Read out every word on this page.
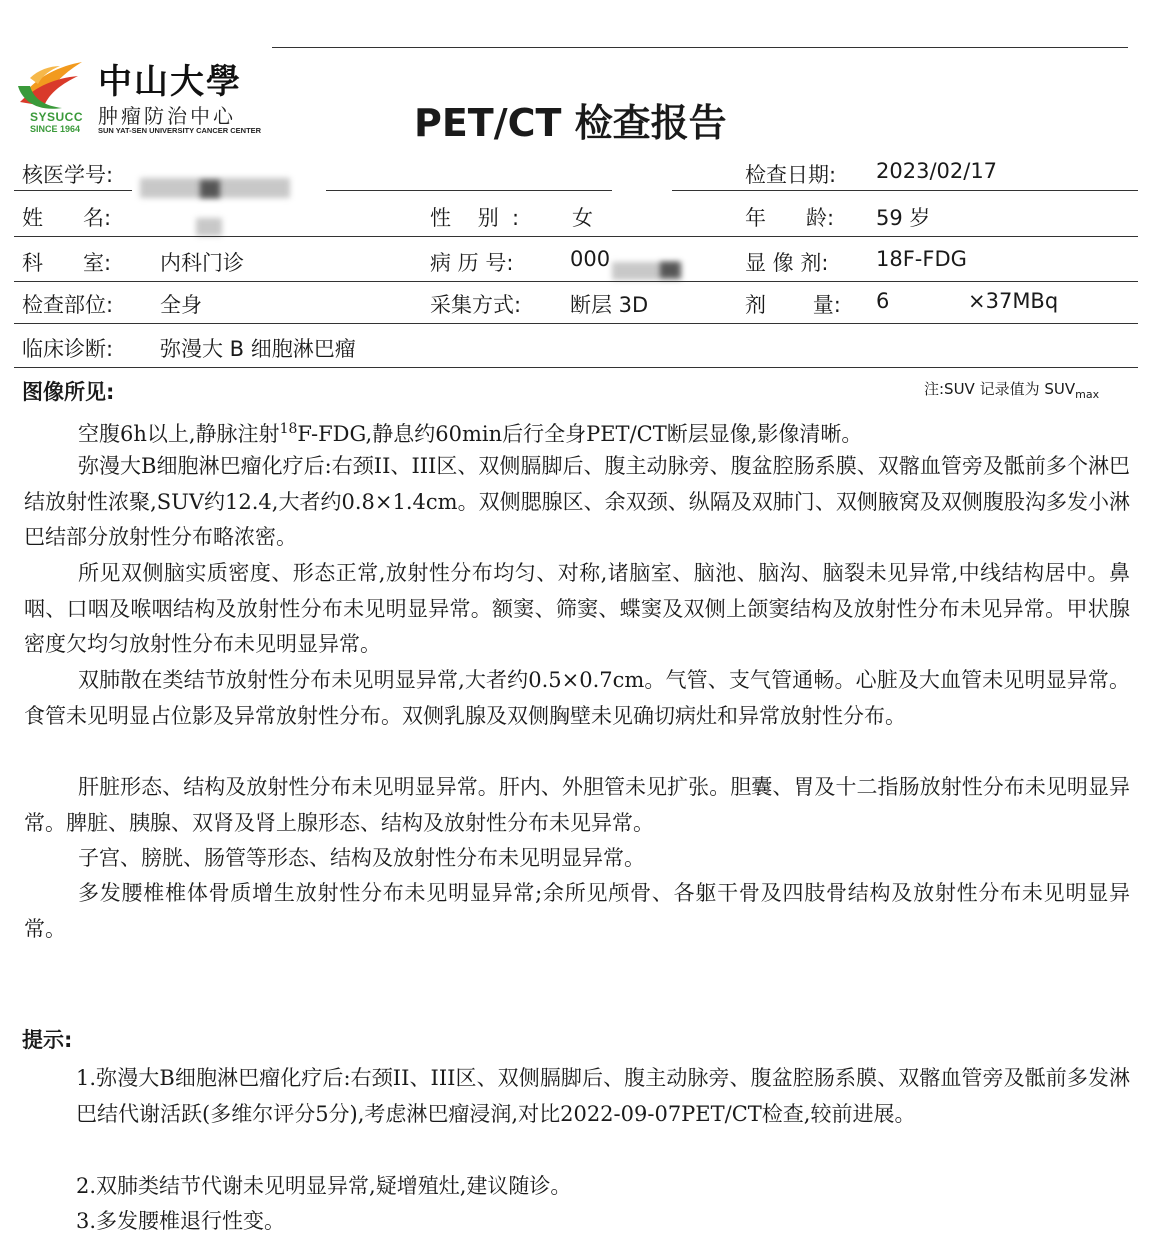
SYSUCC
SINCE 1964
中山大學
肿瘤防治中心
SUN YAT-SEN UNIVERSITY CANCER CENTER	PET/CT 检查报告
核医学号:	检查日期: 2023/02/17
姓      名:	性    别  :	女	年      龄: 59 岁
科      室: 内科门诊	病 历 号:	000	显 像 剂: 18F-FDG
检查部位: 全身	采集方式: 断层 3D	剂       量: 6	×37MBq
临床诊断: 弥漫大 B 细胞淋巴瘤
图像所见:	注:SUV 记录值为 $SUV_{max}$
空腹6h以上,静脉注射$^{18}$F-FDG,静息约60min后行全身PET/CT断层显像,影像清晰。
弥漫大B细胞淋巴瘤化疗后:右颈II、III区、双侧膈脚后、腹主动脉旁、腹盆腔肠系膜、双髂血管旁及骶前多个淋巴结放射性浓聚,SUV约12.4,大者约0.8×1.4cm。双侧腮腺区、余双颈、纵隔及双肺门、双侧腋窝及双侧腹股沟多发小淋巴结部分放射性分布略浓密。
所见双侧脑实质密度、形态正常,放射性分布均匀、对称,诸脑室、脑池、脑沟、脑裂未见异常,中线结构居中。鼻咽、口咽及喉咽结构及放射性分布未见明显异常。额窦、筛窦、蝶窦及双侧上颌窦结构及放射性分布未见异常。甲状腺密度欠均匀放射性分布未见明显异常。
双肺散在类结节放射性分布未见明显异常,大者约0.5×0.7cm。气管、支气管通畅。心脏及大血管未见明显异常。食管未见明显占位影及异常放射性分布。双侧乳腺及双侧胸壁未见确切病灶和异常放射性分布。
肝脏形态、结构及放射性分布未见明显异常。肝内、外胆管未见扩张。胆囊、胃及十二指肠放射性分布未见明显异常。脾脏、胰腺、双肾及肾上腺形态、结构及放射性分布未见异常。
子宫、膀胱、肠管等形态、结构及放射性分布未见明显异常。
多发腰椎椎体骨质增生放射性分布未见明显异常;余所见颅骨、各躯干骨及四肢骨结构及放射性分布未见明显异常。
提示:
1.弥漫大B细胞淋巴瘤化疗后:右颈II、III区、双侧膈脚后、腹主动脉旁、腹盆腔肠系膜、双髂血管旁及骶前多发淋巴结代谢活跃(多维尔评分5分),考虑淋巴瘤浸润,对比2022-09-07PET/CT检查,较前进展。
2.双肺类结节代谢未见明显异常,疑增殖灶,建议随诊。
3.多发腰椎退行性变。
